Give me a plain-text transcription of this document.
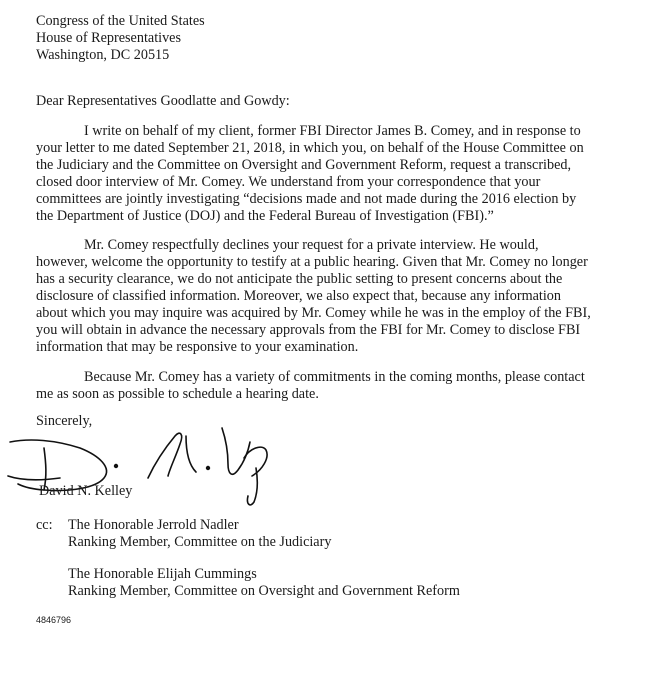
Congress of the United States
House of Representatives
Washington, DC 20515
Dear Representatives Goodlatte and Gowdy:
I write on behalf of my client, former FBI Director James B. Comey, and in response to
your letter to me dated September 21, 2018, in which you, on behalf of the House Committee on
the Judiciary and the Committee on Oversight and Government Reform, request a transcribed,
closed door interview of Mr. Comey. We understand from your correspondence that your
committees are jointly investigating “decisions made and not made during the 2016 election by
the Department of Justice (DOJ) and the Federal Bureau of Investigation (FBI).”
Mr. Comey respectfully declines your request for a private interview. He would,
however, welcome the opportunity to testify at a public hearing. Given that Mr. Comey no longer
has a security clearance, we do not anticipate the public setting to present concerns about the
disclosure of classified information. Moreover, we also expect that, because any information
about which you may inquire was acquired by Mr. Comey while he was in the employ of the FBI,
you will obtain in advance the necessary approvals from the FBI for Mr. Comey to disclose FBI
information that may be responsive to your examination.
Because Mr. Comey has a variety of commitments in the coming months, please contact
me as soon as possible to schedule a hearing date.
Sincerely,
David N. Kelley
cc: The Honorable Jerrold Nadler
Ranking Member, Committee on the Judiciary
The Honorable Elijah Cummings
Ranking Member, Committee on Oversight and Government Reform
4846796
